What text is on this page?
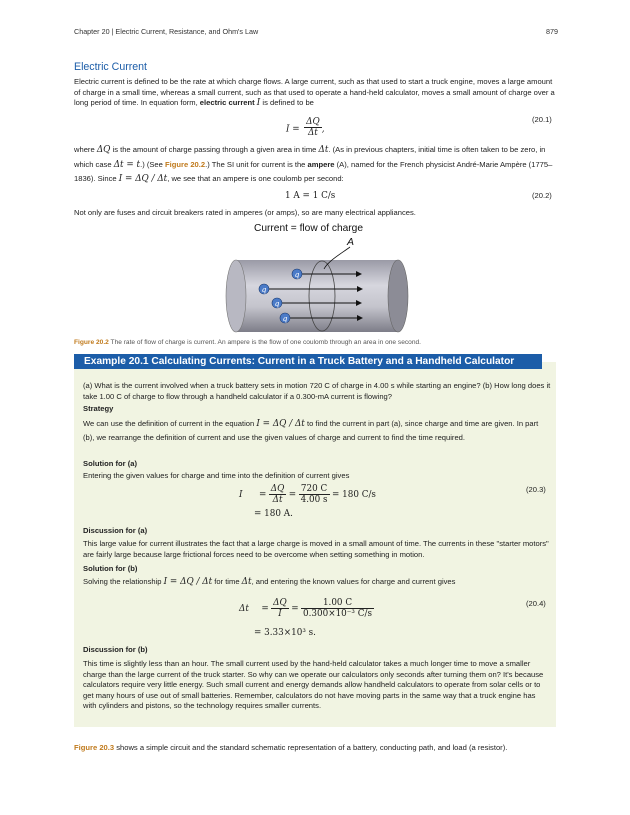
Chapter 20 | Electric Current, Resistance, and Ohm's Law	879
Electric Current
Electric current is defined to be the rate at which charge flows. A large current, such as that used to start a truck engine, moves a large amount of charge in a small time, whereas a small current, such as that used to operate a hand-held calculator, moves a small amount of charge over a long period of time. In equation form, electric current I is defined to be
$I = \frac{\Delta Q}{\Delta t}$ ,
(20.1)
where ΔQ is the amount of charge passing through a given area in time Δt. (As in previous chapters, initial time is often taken to be zero, in which case Δt = t.) (See Figure 20.2.) The SI unit for current is the ampere (A), named for the French physicist André-Marie Ampère (1775–1836). Since I = ΔQ / Δt, we see that an ampere is one coulomb per second:
1 A = 1 C/s	(20.2)
Not only are fuses and circuit breakers rated in amperes (or amps), so are many electrical appliances.
Current = flow of charge
A
q
q
q
q
Figure 20.2 The rate of flow of charge is current. An ampere is the flow of one coulomb through an area in one second.
Example 20.1 Calculating Currents: Current in a Truck Battery and a Handheld Calculator
(a) What is the current involved when a truck battery sets in motion 720 C of charge in 4.00 s while starting an engine? (b) How long does it take 1.00 C of charge to flow through a handheld calculator if a 0.300-mA current is flowing?
Strategy
We can use the definition of current in the equation I = ΔQ / Δt to find the current in part (a), since charge and time are given. In part (b), we rearrange the definition of current and use the given values of charge and current to find the time required.
Solution for (a)
Entering the given values for charge and time into the definition of current gives
$I = \frac{\Delta Q}{\Delta t} = \frac{720 C}{4.00 s} = 180$ C/s
= 180 A.
(20.3)
Discussion for (a)
This large value for current illustrates the fact that a large charge is moved in a small amount of time. The currents in these "starter motors" are fairly large because large frictional forces need to be overcome when setting something in motion.
Solution for (b)
Solving the relationship I = ΔQ / Δt for time Δt, and entering the known values for charge and current gives
$\Delta t = \frac{\Delta Q}{I} = \frac{1.00 C}{\text{0.300×10⁻³ C/s}}$
= 3.33×10³ s.
(20.4)
Discussion for (b)
This time is slightly less than an hour. The small current used by the hand-held calculator takes a much longer time to move a smaller charge than the large current of the truck starter. So why can we operate our calculators only seconds after turning them on? It's because calculators require very little energy. Such small current and energy demands allow handheld calculators to operate from solar cells or to get many hours of use out of small batteries. Remember, calculators do not have moving parts in the same way that a truck engine has with cylinders and pistons, so the technology requires smaller currents.
Figure 20.3 shows a simple circuit and the standard schematic representation of a battery, conducting path, and load (a resistor).
